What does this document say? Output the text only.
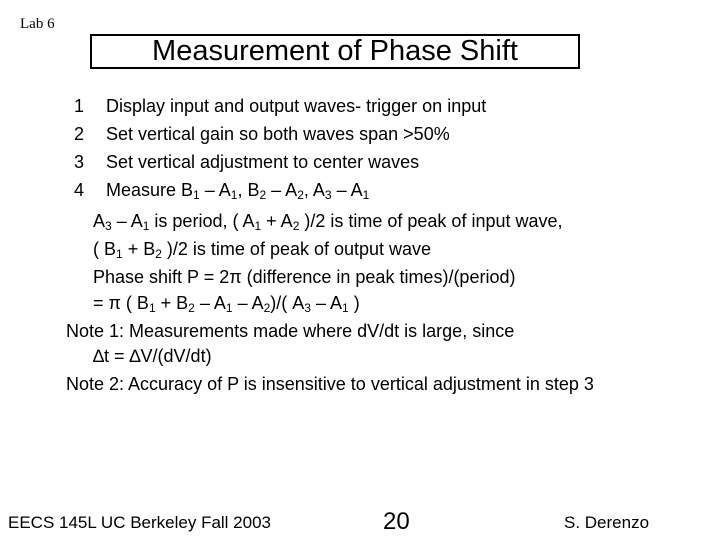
Lab 6
Measurement of Phase Shift
1 Display input and output waves- trigger on input
2 Set vertical gain so both waves span >50%
3 Set vertical adjustment to center waves
4 Measure $B_1 - A_1$, $B_2 - A_2$, $A_3 - A_1$
$A_3 - A_1$ is period, ( $A_1 + A_2$ )/2 is time of peak of input wave,
( $B_1 + B_2$ )/2 is time of peak of output wave
Phase shift P = 2π (difference in peak times)/(period)
= π ( $B_1 + B_2 - A_1 - A_2)/$( $A_3 - A_1$ )
Note 1: Measurements made where dV/dt is large, since
∆t = ∆V/(dV/dt)
Note 2: Accuracy of P is insensitive to vertical adjustment in step 3
EECS 145L UC Berkeley Fall 2003	20	S. Derenzo
